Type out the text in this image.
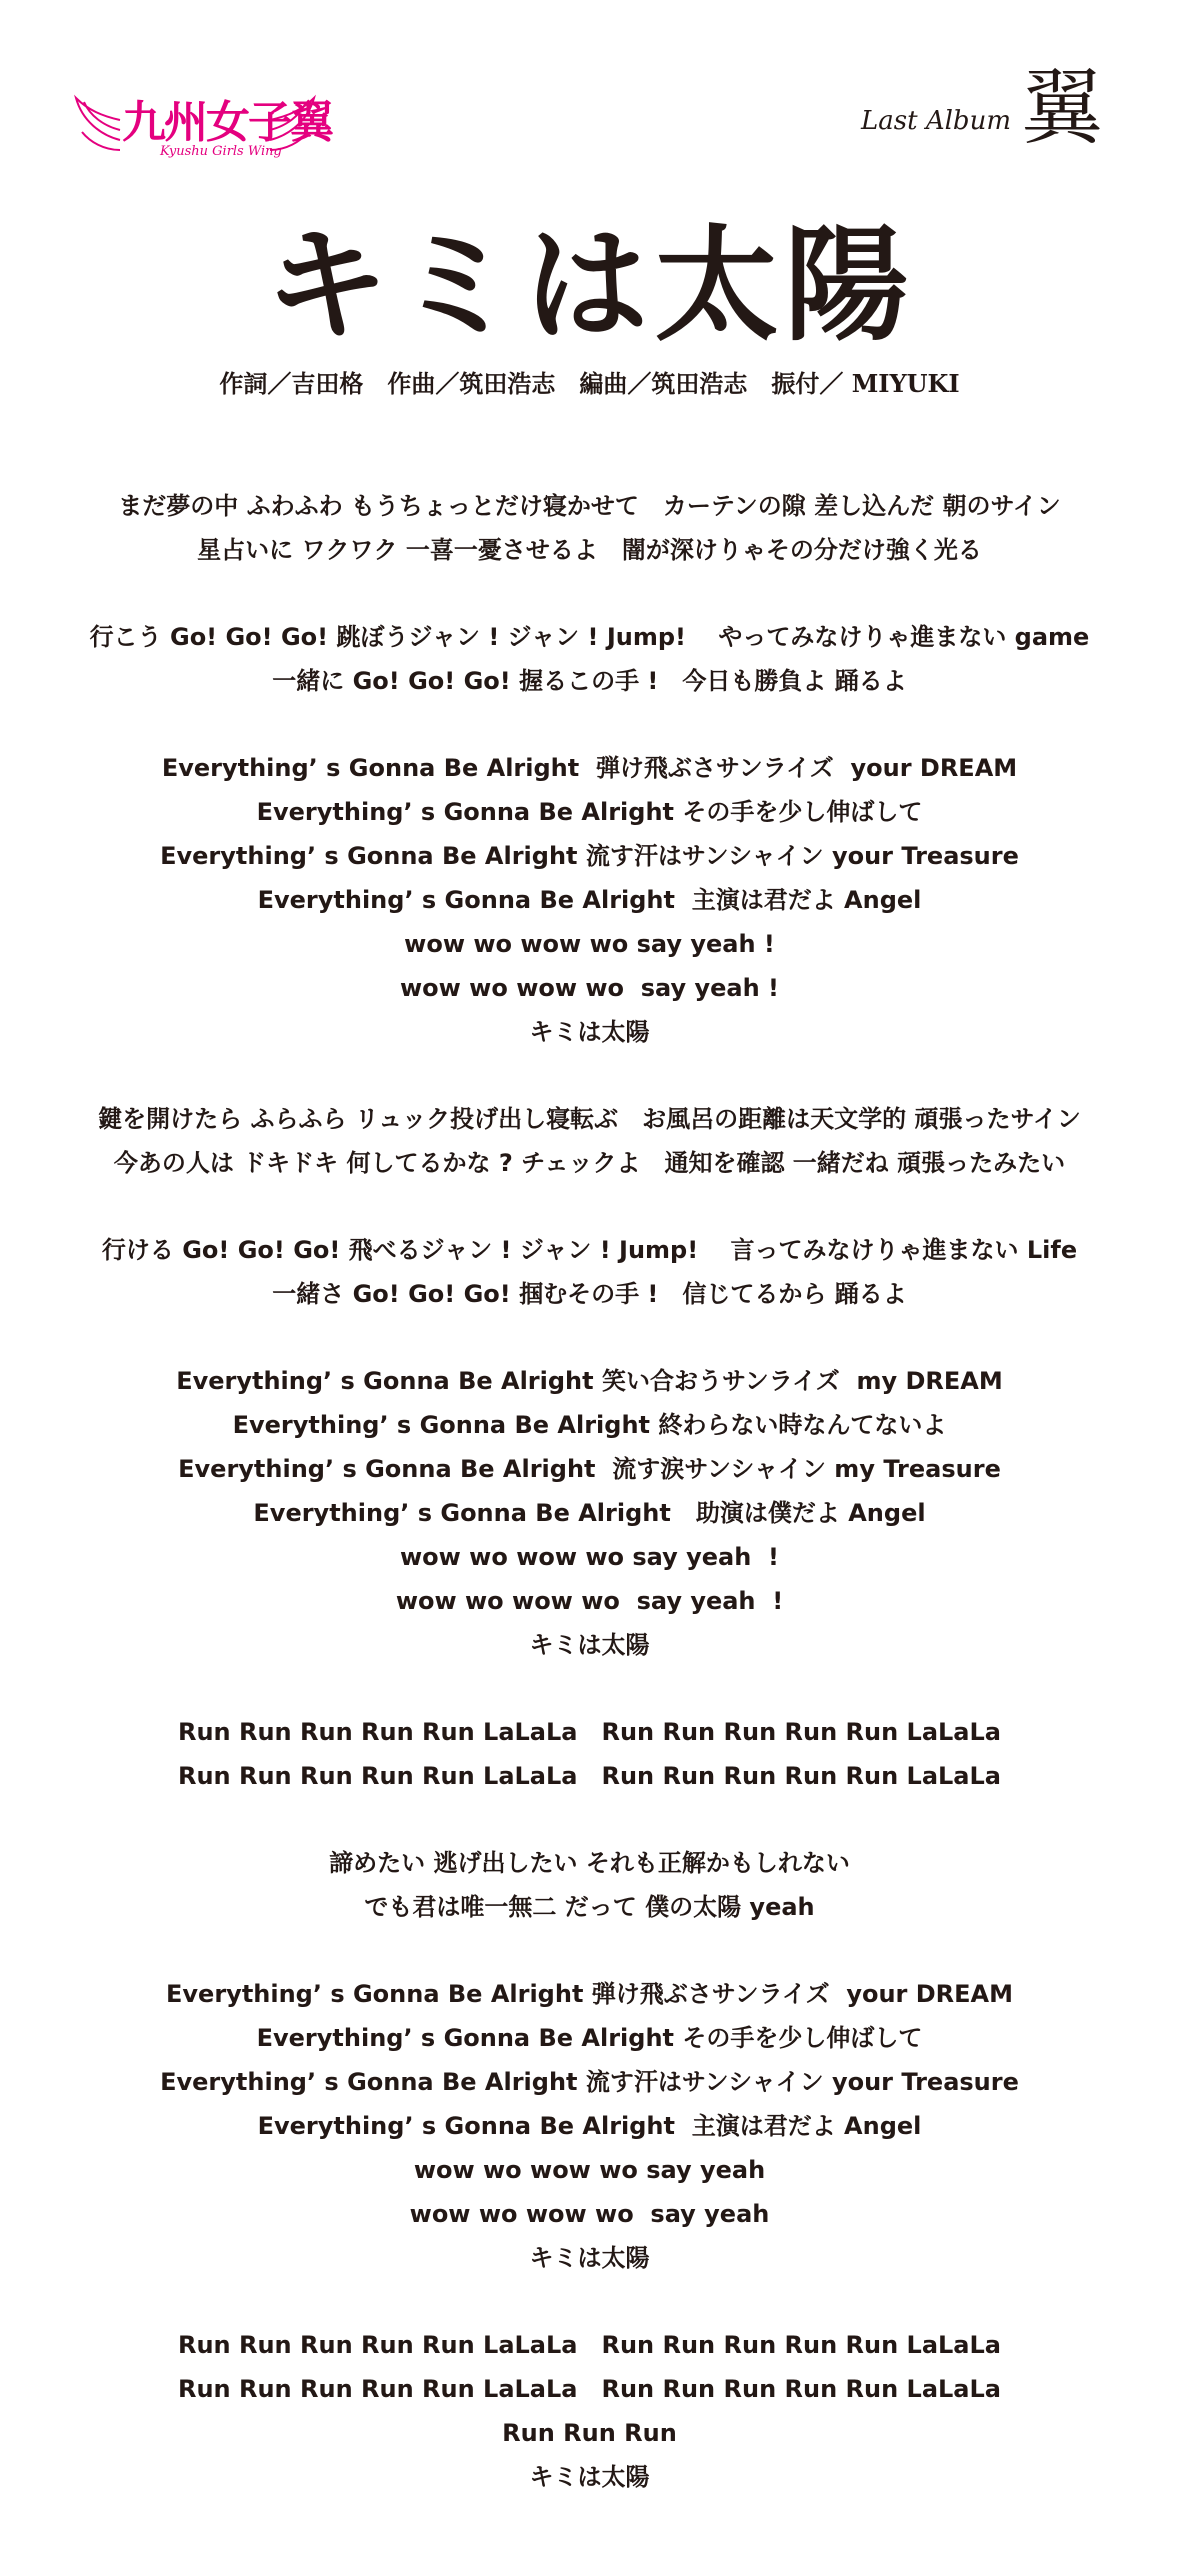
九州女子翼
Kyushu Girls Wing
Last Album 翼
キミは太陽
作詞／吉田格　作曲／筑田浩志　編曲／筑田浩志　振付／ MIYUKI
まだ夢の中 ふわふわ もうちょっとだけ寝かせて　カーテンの隙 差し込んだ 朝のサイン
星占いに ワクワク 一喜一憂させるよ　闇が深けりゃその分だけ強く光る
行こう Go! Go! Go! 跳ぼうジャン ! ジャン ! Jump!　 やってみなけりゃ進まない game
一緒に Go! Go! Go! 握るこの手 !　今日も勝負よ 踊るよ
Everything’ s Gonna Be Alright  弾け飛ぶさサンライズ  your DREAM
Everything’ s Gonna Be Alright その手を少し伸ばして
Everything’ s Gonna Be Alright 流す汗はサンシャイン your Treasure
Everything’ s Gonna Be Alright  主演は君だよ Angel
wow wo wow wo say yeah !
wow wo wow wo  say yeah !
キミは太陽
鍵を開けたら ふらふら リュック投げ出し寝転ぶ　お風呂の距離は天文学的 頑張ったサイン
今あの人は ドキドキ 何してるかな ? チェックよ　通知を確認 一緒だね 頑張ったみたい
行ける Go! Go! Go! 飛べるジャン ! ジャン ! Jump!　 言ってみなけりゃ進まない Life
一緒さ Go! Go! Go! 掴むその手 !　信じてるから 踊るよ
Everything’ s Gonna Be Alright 笑い合おうサンライズ  my DREAM
Everything’ s Gonna Be Alright 終わらない時なんてないよ
Everything’ s Gonna Be Alright  流す涙サンシャイン my Treasure
Everything’ s Gonna Be Alright   助演は僕だよ Angel
wow wo wow wo say yeah  !
wow wo wow wo  say yeah  !
キミは太陽
Run Run Run Run Run LaLaLa　Run Run Run Run Run LaLaLa
Run Run Run Run Run LaLaLa　Run Run Run Run Run LaLaLa
諦めたい 逃げ出したい それも正解かもしれない
でも君は唯一無二 だって 僕の太陽 yeah
Everything’ s Gonna Be Alright 弾け飛ぶさサンライズ  your DREAM
Everything’ s Gonna Be Alright その手を少し伸ばして
Everything’ s Gonna Be Alright 流す汗はサンシャイン your Treasure
Everything’ s Gonna Be Alright  主演は君だよ Angel
wow wo wow wo say yeah
wow wo wow wo  say yeah
キミは太陽
Run Run Run Run Run LaLaLa　Run Run Run Run Run LaLaLa
Run Run Run Run Run LaLaLa　Run Run Run Run Run LaLaLa
Run Run Run
キミは太陽
